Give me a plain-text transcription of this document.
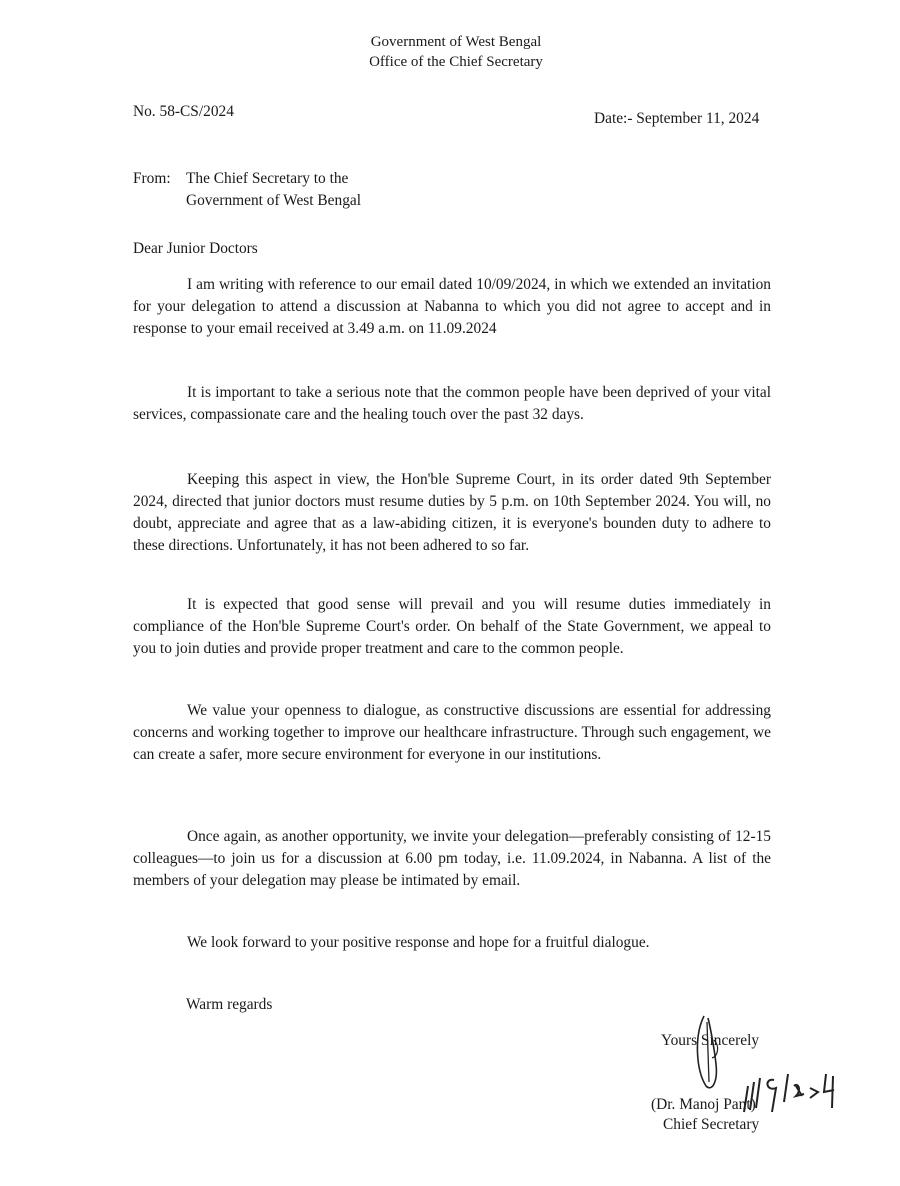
Government of West Bengal
Office of the Chief Secretary
No. 58-CS/2024	Date:- September 11, 2024
From: The Chief Secretary to the
Government of West Bengal
Dear Junior Doctors
I am writing with reference to our email dated 10/09/2024, in which we extended an invitation for your delegation to attend a discussion at Nabanna to which you did not agree to accept and in response to your email received at 3.49 a.m. on 11.09.2024
It is important to take a serious note that the common people have been deprived of your vital services, compassionate care and the healing touch over the past 32 days.
Keeping this aspect in view, the Hon'ble Supreme Court, in its order dated 9th September 2024, directed that junior doctors must resume duties by 5 p.m. on 10th September 2024. You will, no doubt, appreciate and agree that as a law-abiding citizen, it is everyone's bounden duty to adhere to these directions. Unfortunately, it has not been adhered to so far.
It is expected that good sense will prevail and you will resume duties immediately in compliance of the Hon'ble Supreme Court's order. On behalf of the State Government, we appeal to you to join duties and provide proper treatment and care to the common people.
We value your openness to dialogue, as constructive discussions are essential for addressing concerns and working together to improve our healthcare infrastructure. Through such engagement, we can create a safer, more secure environment for everyone in our institutions.
Once again, as another opportunity, we invite your delegation—preferably consisting of 12-15 colleagues—to join us for a discussion at 6.00 pm today, i.e. 11.09.2024, in Nabanna. A list of the members of your delegation may please be intimated by email.
We look forward to your positive response and hope for a fruitful dialogue.
Warm regards
Yours Sincerely
(Dr. Manoj Pant)
Chief Secretary
